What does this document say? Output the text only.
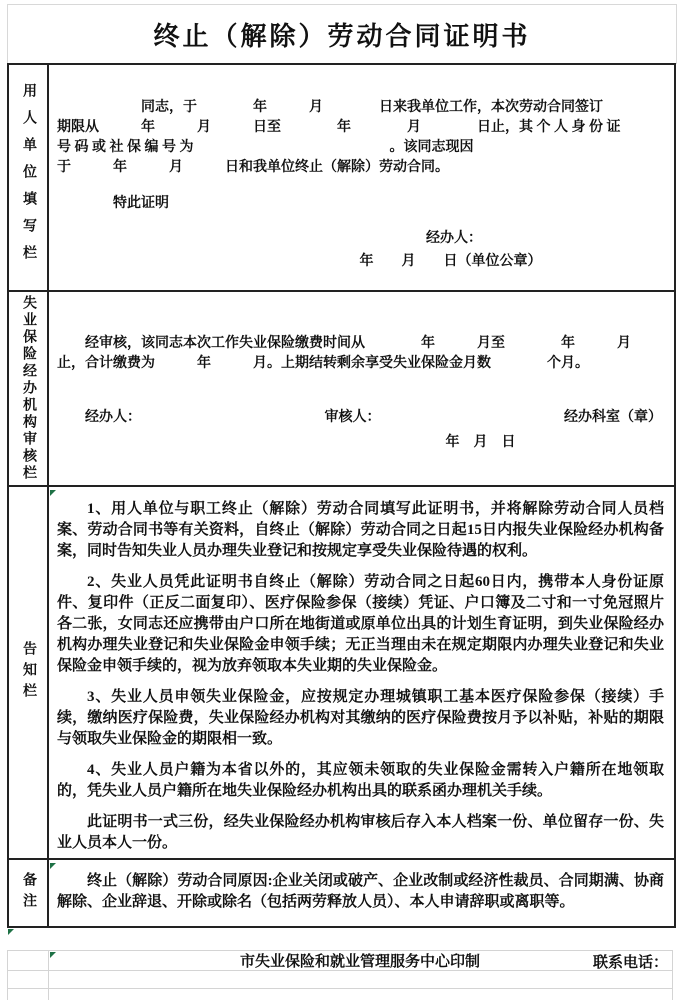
终止（解除）劳动合同证明书
用人单位填写栏 　　　　　　同志，于　　　　年　　　月　　　　日来我单位工作，本次劳动合同签订
期限从　　　年　　　月　　　日至　　　　年　　　　月　　　　日止，其 个 人 身 份 证
号 码 或 社 保 编 号 为　　　　　　　　　　　　　　。该同志现因
于　　　年　　　月　　　日和我单位终止（解除）劳动合同。
　　　　特此证明
经办人：
年　　月　　日（单位公章）
失业保险经办机构审核栏 　　经审核，该同志本次工作失业保险缴费时间从　　　　年　　　月至　　　　年　　　月
止，合计缴费为　　　年　　　月。上期结转剩余享受失业保险金月数　　　　个月。
　　经办人：	审核人：	经办科室（章）
年　月　日
告知栏

1、用人单位与职工终止（解除）劳动合同填写此证明书，并将解除劳动合同人员档案、劳动合同书等有关资料，自终止（解除）劳动合同之日起15日内报失业保险经办机构备案，同时告知失业人员办理失业登记和按规定享受失业保险待遇的权利。

2、失业人员凭此证明书自终止（解除）劳动合同之日起60日内，携带本人身份证原件、复印件（正反二面复印）、医疗保险参保（接续）凭证、户口簿及二寸和一寸免冠照片各二张，女同志还应携带由户口所在地街道或原单位出具的计划生育证明，到失业保险经办机构办理失业登记和失业保险金申领手续；无正当理由未在规定期限内办理失业登记和失业保险金申领手续的，视为放弃领取本失业期的失业保险金。

3、失业人员申领失业保险金，应按规定办理城镇职工基本医疗保险参保（接续）手续，缴纳医疗保险费，失业保险经办机构对其缴纳的医疗保险费按月予以补贴，补贴的期限与领取失业保险金的期限相一致。

4、失业人员户籍为本省以外的，其应领未领取的失业保险金需转入户籍所在地领取的，凭失业人员户籍所在地失业保险经办机构出具的联系函办理机关手续。

此证明书一式三份，经失业保险经办机构审核后存入本人档案一份、单位留存一份、失业人员本人一份。

备注	终止（解除）劳动合同原因:企业关闭或破产、企业改制或经济性裁员、合同期满、协商解除、企业辞退、开除或除名（包括两劳释放人员）、本人申请辞职或离职等。

市失业保险和就业管理服务中心印制	联系电话：
